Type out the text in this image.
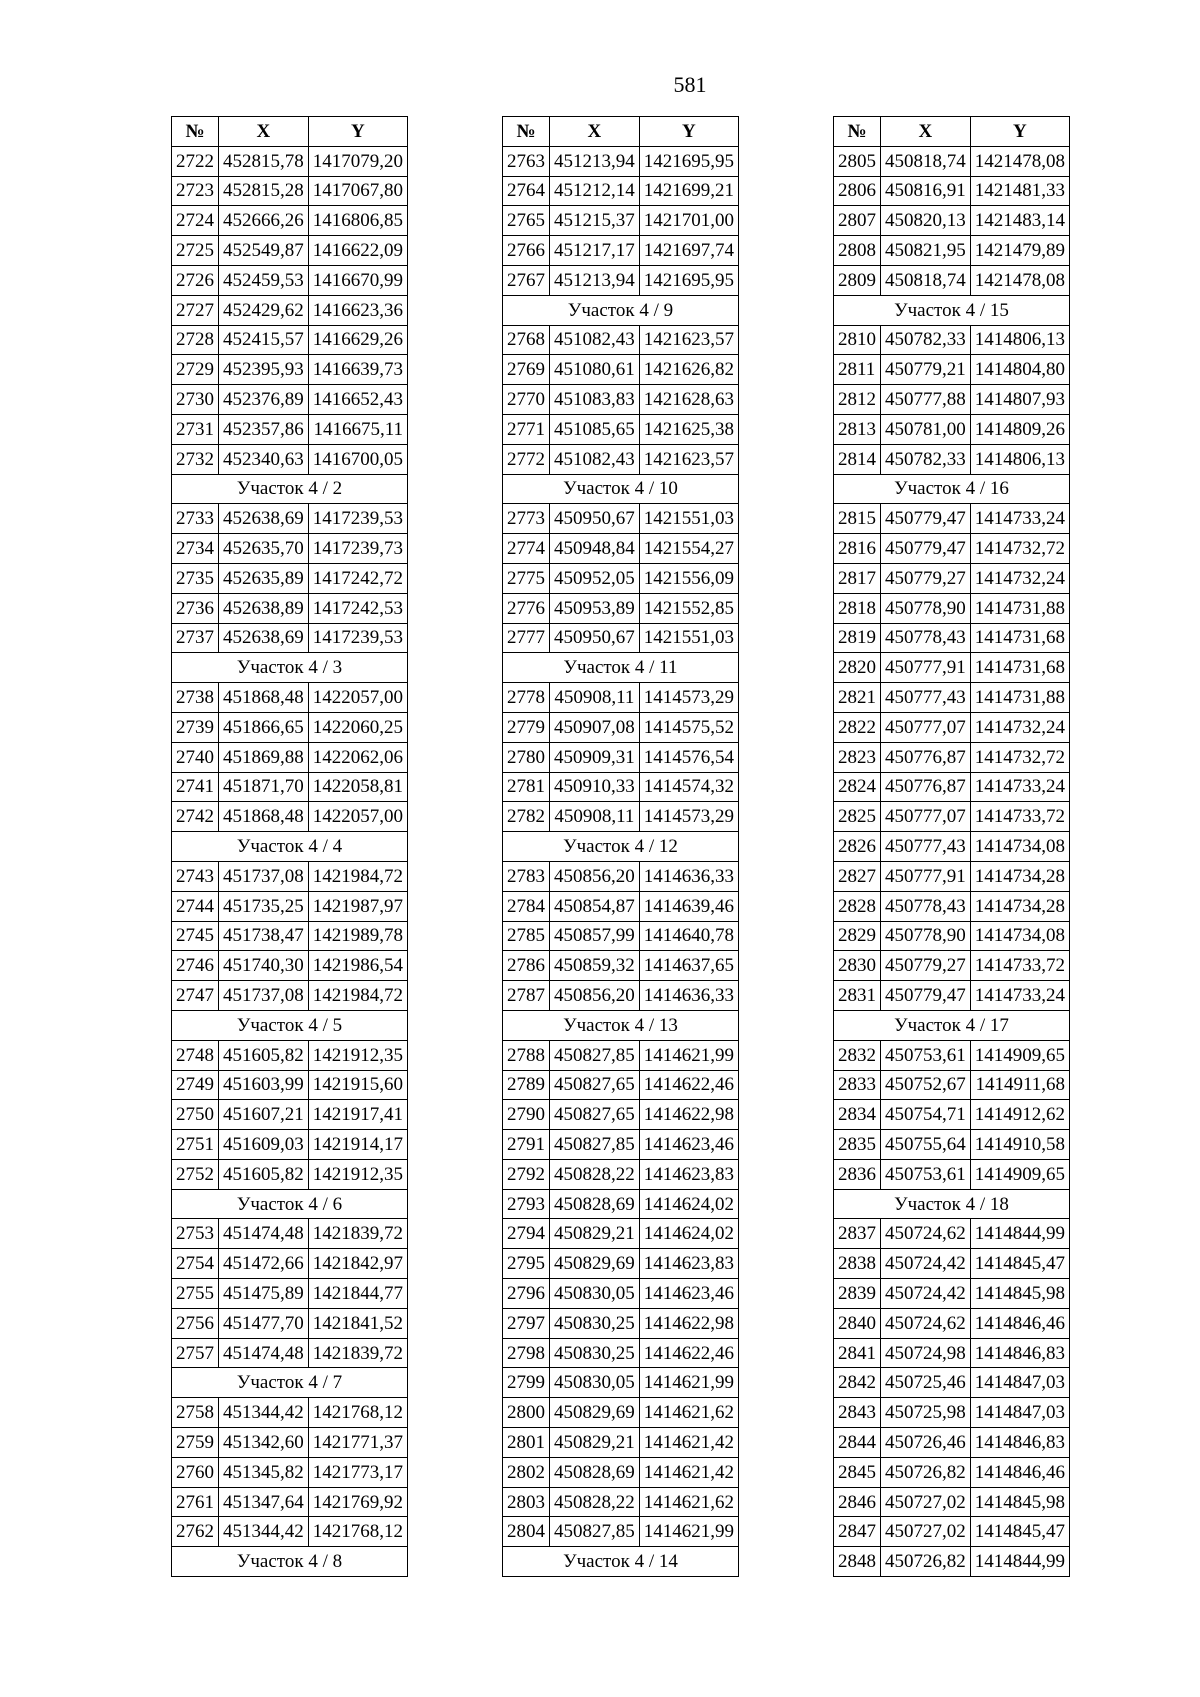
581
№	X	Y
2722	452815,78	1417079,20
2723	452815,28	1417067,80
2724	452666,26	1416806,85
2725	452549,87	1416622,09
2726	452459,53	1416670,99
2727	452429,62	1416623,36
2728	452415,57	1416629,26
2729	452395,93	1416639,73
2730	452376,89	1416652,43
2731	452357,86	1416675,11
2732	452340,63	1416700,05
Участок 4 / 2		
2733	452638,69	1417239,53
2734	452635,70	1417239,73
2735	452635,89	1417242,72
2736	452638,89	1417242,53
2737	452638,69	1417239,53
Участок 4 / 3		
2738	451868,48	1422057,00
2739	451866,65	1422060,25
2740	451869,88	1422062,06
2741	451871,70	1422058,81
2742	451868,48	1422057,00
Участок 4 / 4		
2743	451737,08	1421984,72
2744	451735,25	1421987,97
2745	451738,47	1421989,78
2746	451740,30	1421986,54
2747	451737,08	1421984,72
Участок 4 / 5		
2748	451605,82	1421912,35
2749	451603,99	1421915,60
2750	451607,21	1421917,41
2751	451609,03	1421914,17
2752	451605,82	1421912,35
Участок 4 / 6		
2753	451474,48	1421839,72
2754	451472,66	1421842,97
2755	451475,89	1421844,77
2756	451477,70	1421841,52
2757	451474,48	1421839,72
Участок 4 / 7		
2758	451344,42	1421768,12
2759	451342,60	1421771,37
2760	451345,82	1421773,17
2761	451347,64	1421769,92
2762	451344,42	1421768,12
Участок 4 / 8		
№	X	Y
2763	451213,94	1421695,95
2764	451212,14	1421699,21
2765	451215,37	1421701,00
2766	451217,17	1421697,74
2767	451213,94	1421695,95
Участок 4 / 9		
2768	451082,43	1421623,57
2769	451080,61	1421626,82
2770	451083,83	1421628,63
2771	451085,65	1421625,38
2772	451082,43	1421623,57
Участок 4 / 10		
2773	450950,67	1421551,03
2774	450948,84	1421554,27
2775	450952,05	1421556,09
2776	450953,89	1421552,85
2777	450950,67	1421551,03
Участок 4 / 11		
2778	450908,11	1414573,29
2779	450907,08	1414575,52
2780	450909,31	1414576,54
2781	450910,33	1414574,32
2782	450908,11	1414573,29
Участок 4 / 12		
2783	450856,20	1414636,33
2784	450854,87	1414639,46
2785	450857,99	1414640,78
2786	450859,32	1414637,65
2787	450856,20	1414636,33
Участок 4 / 13		
2788	450827,85	1414621,99
2789	450827,65	1414622,46
2790	450827,65	1414622,98
2791	450827,85	1414623,46
2792	450828,22	1414623,83
2793	450828,69	1414624,02
2794	450829,21	1414624,02
2795	450829,69	1414623,83
2796	450830,05	1414623,46
2797	450830,25	1414622,98
2798	450830,25	1414622,46
2799	450830,05	1414621,99
2800	450829,69	1414621,62
2801	450829,21	1414621,42
2802	450828,69	1414621,42
2803	450828,22	1414621,62
2804	450827,85	1414621,99
Участок 4 / 14		
№	X	Y
2805	450818,74	1421478,08
2806	450816,91	1421481,33
2807	450820,13	1421483,14
2808	450821,95	1421479,89
2809	450818,74	1421478,08
Участок 4 / 15		
2810	450782,33	1414806,13
2811	450779,21	1414804,80
2812	450777,88	1414807,93
2813	450781,00	1414809,26
2814	450782,33	1414806,13
Участок 4 / 16		
2815	450779,47	1414733,24
2816	450779,47	1414732,72
2817	450779,27	1414732,24
2818	450778,90	1414731,88
2819	450778,43	1414731,68
2820	450777,91	1414731,68
2821	450777,43	1414731,88
2822	450777,07	1414732,24
2823	450776,87	1414732,72
2824	450776,87	1414733,24
2825	450777,07	1414733,72
2826	450777,43	1414734,08
2827	450777,91	1414734,28
2828	450778,43	1414734,28
2829	450778,90	1414734,08
2830	450779,27	1414733,72
2831	450779,47	1414733,24
Участок 4 / 17		
2832	450753,61	1414909,65
2833	450752,67	1414911,68
2834	450754,71	1414912,62
2835	450755,64	1414910,58
2836	450753,61	1414909,65
Участок 4 / 18		
2837	450724,62	1414844,99
2838	450724,42	1414845,47
2839	450724,42	1414845,98
2840	450724,62	1414846,46
2841	450724,98	1414846,83
2842	450725,46	1414847,03
2843	450725,98	1414847,03
2844	450726,46	1414846,83
2845	450726,82	1414846,46
2846	450727,02	1414845,98
2847	450727,02	1414845,47
2848	450726,82	1414844,99
